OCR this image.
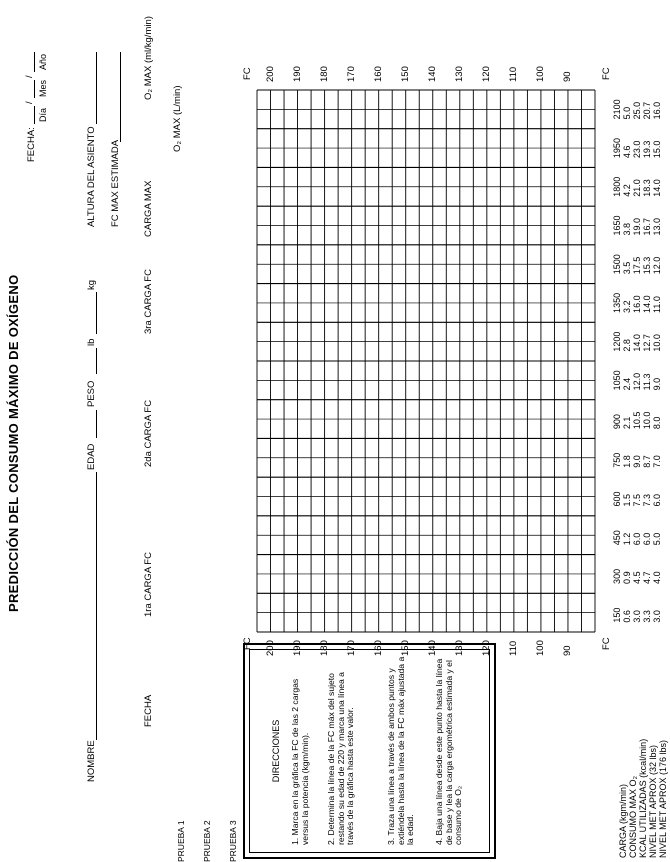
PREDICCIÓN DEL CONSUMO MÁXIMO DE OXÍGENO
FECHA:
/
/
Día
Mes
Año
NOMBRE
EDAD
PESO
lb
kg
ALTURA DEL ASIENTO FC MAX ESTIMADA
FECHA
1ra CARGA FC
2da CARGA FC
3ra CARGA FC
CARGA MAX
O₂ MAX (L/min)
O₂ MAX (ml/kg/min)
PRUEBA 1 PRUEBA 2 PRUEBA 3
DIRECCIONES 1. Marca en la gráfica la FC de las 2 cargas versus la potencia (kgm/min). 2. Determina la línea de la FC máx del sujeto restando su edad de 220 y marca una línea a través de la gráfica hasta este valor.	3. Traza una línea a través de ambos puntos y extiéndela hasta la línea de la FC máx ajustada a la edad. 4. Baja una línea desde este punto hasta la línea de base y lea la carga ergométrica estimada y el consumo de O₂	CARGA (kgm/min) CONSUMO MAX O₂ KCAL UTILIZADAS (kcal/min) NIVEL MET APROX (32 lbs) NIVEL MET APROX (176 lbs)
FC
FC
FC
FC
200
200
190
190
180
180
170
170
160
160
150
150
140
140
130
130
120
120
110
110
100
100
90
90
150 0.6 3.0 3.3 3.0
300 0.9 4.5 4.7 4.0
450 1.2 6.0 6.0 5.0
600 1.5 7.5 7.3 6.0
750 1.8 9.0 8.7 7.0
900 2.1 10.5 10.0 8.0
1050 2.4 12.0 11.3 9.0
1200 2.8 14.0 12.7 10.0
1350 3.2 16.0 14.0 11.0
1500 3.5 17.5 15.3 12.0
1650 3.8 19.0 16.7 13.0
1800 4.2 21.0 18.3 14.0
1950 4.6 23.0 19.3 15.0
2100 5.0 25.0 20.7 16.0
